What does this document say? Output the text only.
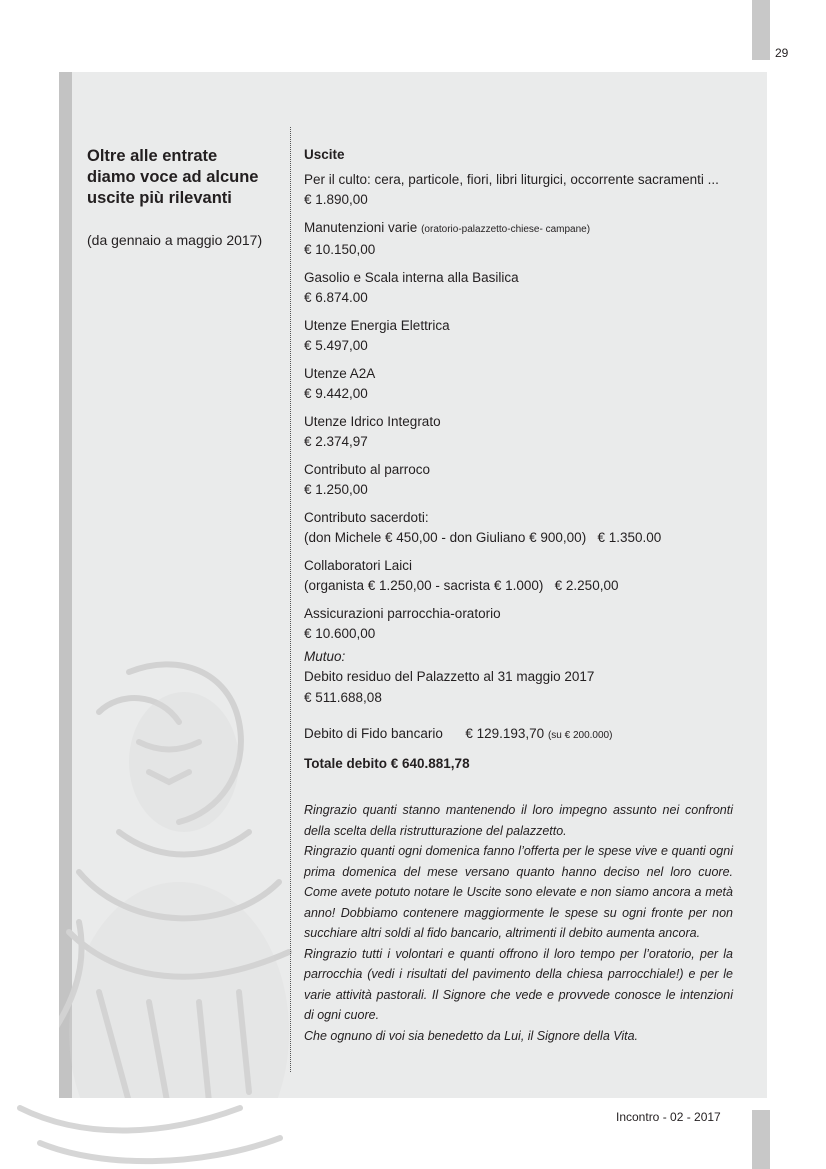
29
Oltre alle entrate
diamo voce ad alcune
uscite più rilevanti
(da gennaio a maggio 2017)
Uscite
Per il culto: cera, particole, fiori, libri liturgici, occorrente sacramenti ...
€ 1.890,00
Manutenzioni varie (oratorio-palazzetto-chiese- campane)
€ 10.150,00
Gasolio e Scala interna alla Basilica
€ 6.874.00
Utenze Energia Elettrica
€ 5.497,00
Utenze A2A
€ 9.442,00
Utenze Idrico Integrato
€ 2.374,97
Contributo al parroco
€ 1.250,00
Contributo sacerdoti:
(don Michele € 450,00 - don Giuliano € 900,00) € 1.350.00
Collaboratori Laici
(organista € 1.250,00 - sacrista € 1.000) € 2.250,00
Assicurazioni parrocchia-oratorio
€ 10.600,00
Mutuo:
Debito residuo del Palazzetto al 31 maggio 2017
€ 511.688,08
Debito di Fido bancario € 129.193,70 (su € 200.000)
Totale debito € 640.881,78

Ringrazio quanti stanno mantenendo il loro impegno assunto nei confronti della scelta della ristrutturazione del palazzetto.

Ringrazio quanti ogni domenica fanno l’offerta per le spese vive e quanti ogni prima domenica del mese versano quanto hanno deciso nel loro cuore. Come avete potuto notare le Uscite sono elevate e non siamo ancora a metà anno! Dobbiamo contenere maggiormente le spese su ogni fronte per non succhiare altri soldi al fido bancario, altrimenti il debito aumenta ancora.

Ringrazio tutti i volontari e quanti offrono il loro tempo per l’oratorio, per la parrocchia (vedi i risultati del pavimento della chiesa parrocchiale!) e per le varie attività pastorali. Il Signore che vede e provvede conosce le intenzioni di ogni cuore.

Che ognuno di voi sia benedetto da Lui, il Signore della Vita.

Incontro - 02 - 2017
